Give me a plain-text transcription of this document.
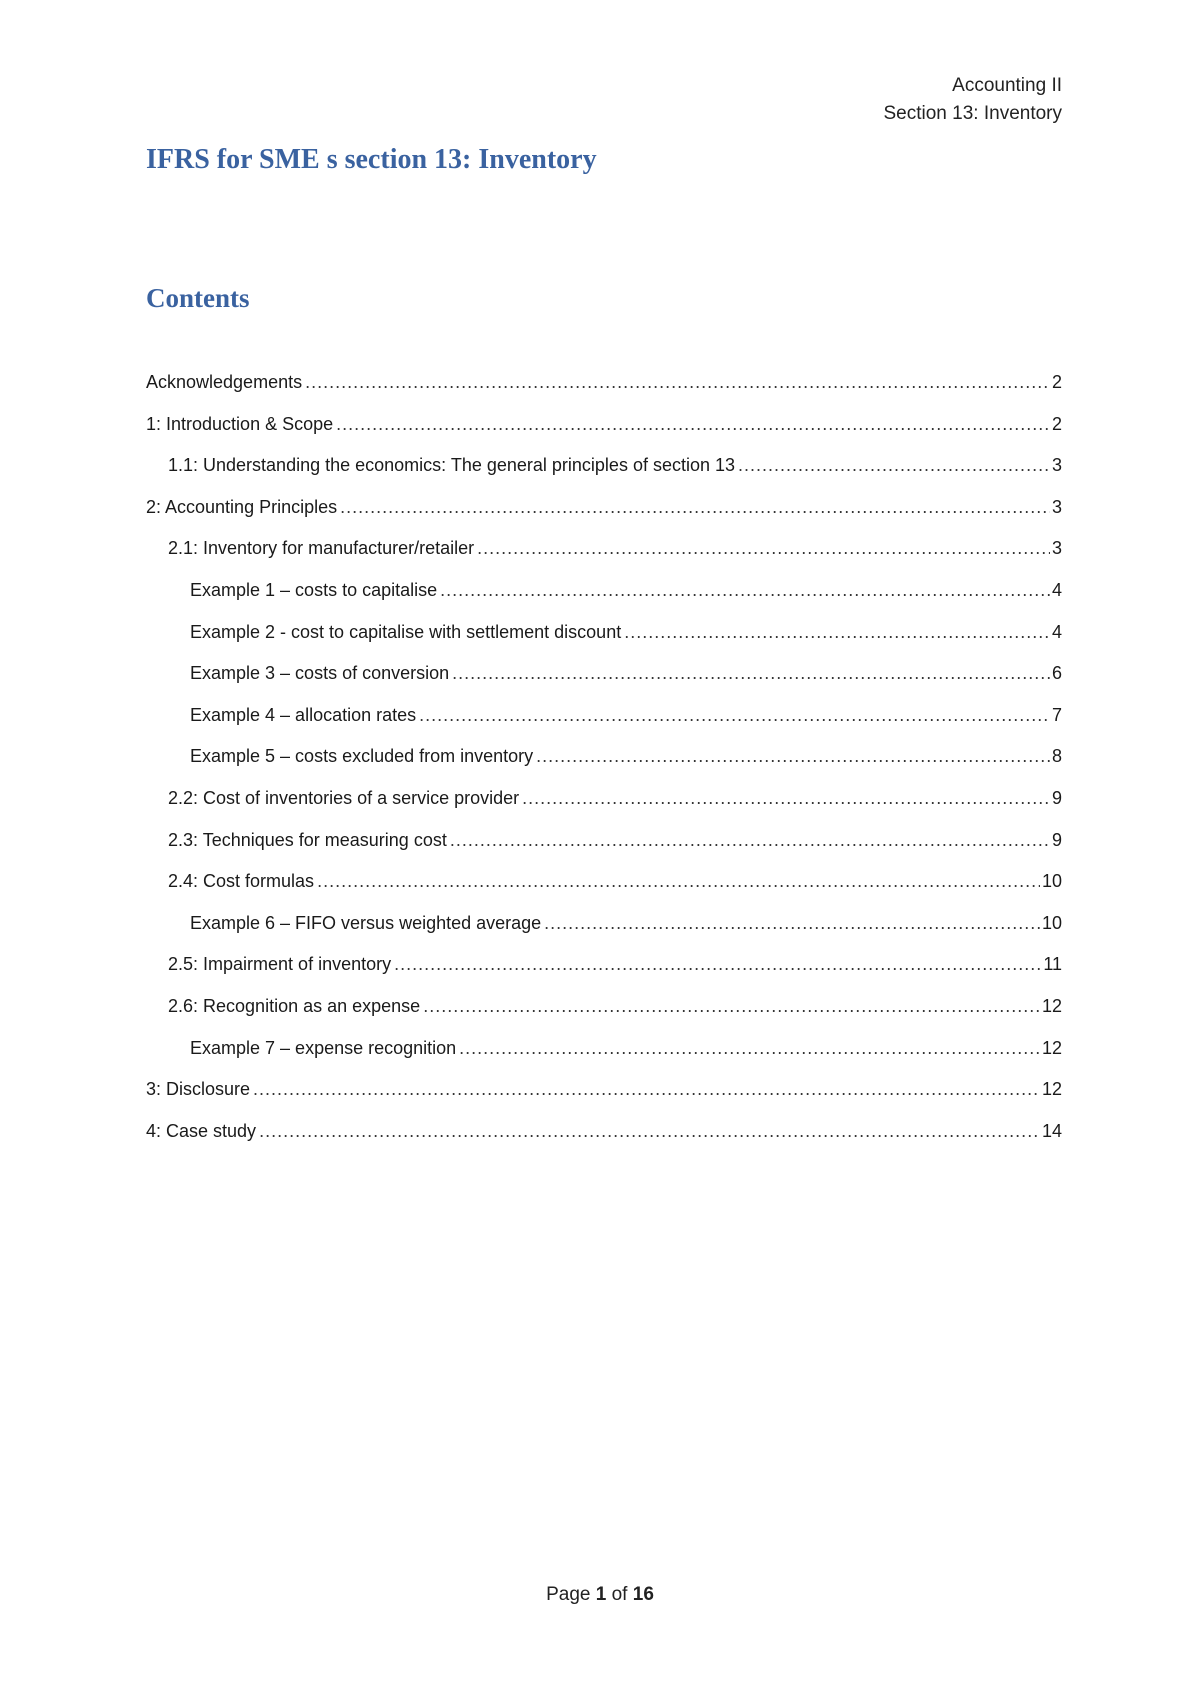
Accounting II
Section 13: Inventory
IFRS for SME s section 13: Inventory
Contents
Acknowledgements .....	2
1: Introduction & Scope .....	2
1.1: Understanding the economics: The general principles of section 13 .....	3
2: Accounting Principles .....	3
2.1: Inventory for manufacturer/retailer .....	3
Example 1 – costs to capitalise .....	4
Example 2 - cost to capitalise with settlement discount .....	4
Example 3 – costs of conversion .....	6
Example 4 – allocation rates .....	7
Example 5 – costs excluded from inventory .....	8
2.2: Cost of inventories of a service provider .....	9
2.3: Techniques for measuring cost .....	9
2.4: Cost formulas .....	10
Example 6 – FIFO versus weighted average .....	10
2.5: Impairment of inventory .....	11
2.6: Recognition as an expense .....	12
Example 7 – expense recognition .....	12
3: Disclosure .....	12
4: Case study .....	14
Page 1 of 16
